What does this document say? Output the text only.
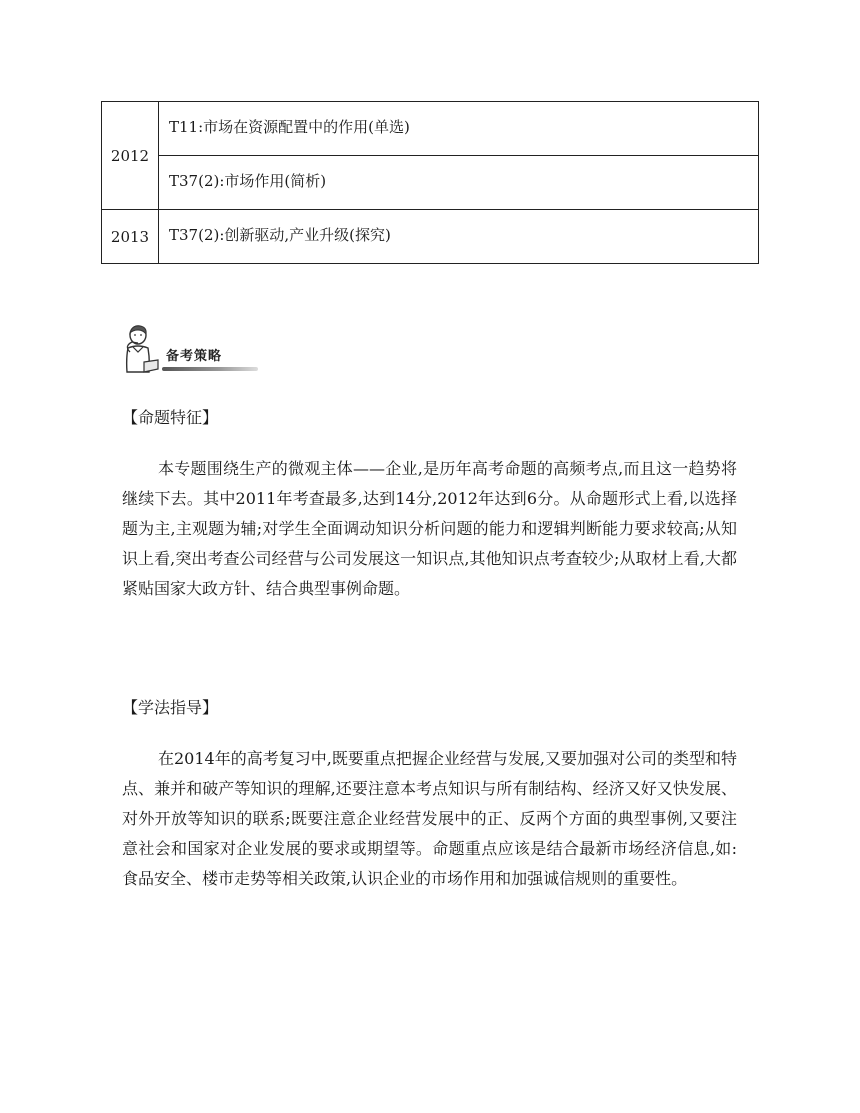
2012	T11:市场在资源配置中的作用(单选)

	T37(2):市场作用(简析)

2013	T37(2):创新驱动,产业升级(探究)
备考策略
【命题特征】
本专题围绕生产的微观主体——企业,是历年高考命题的高频考点,而且这一趋势将继续下去。其中2011年考查最多,达到14分,2012年达到6分。从命题形式上看,以选择题为主,主观题为辅;对学生全面调动知识分析问题的能力和逻辑判断能力要求较高;从知识上看,突出考查公司经营与公司发展这一知识点,其他知识点考查较少;从取材上看,大都紧贴国家大政方针、结合典型事例命题。
【学法指导】
在2014年的高考复习中,既要重点把握企业经营与发展,又要加强对公司的类型和特点、兼并和破产等知识的理解,还要注意本考点知识与所有制结构、经济又好又快发展、对外开放等知识的联系;既要注意企业经营发展中的正、反两个方面的典型事例,又要注意社会和国家对企业发展的要求或期望等。命题重点应该是结合最新市场经济信息,如:食品安全、楼市走势等相关政策,认识企业的市场作用和加强诚信规则的重要性。
